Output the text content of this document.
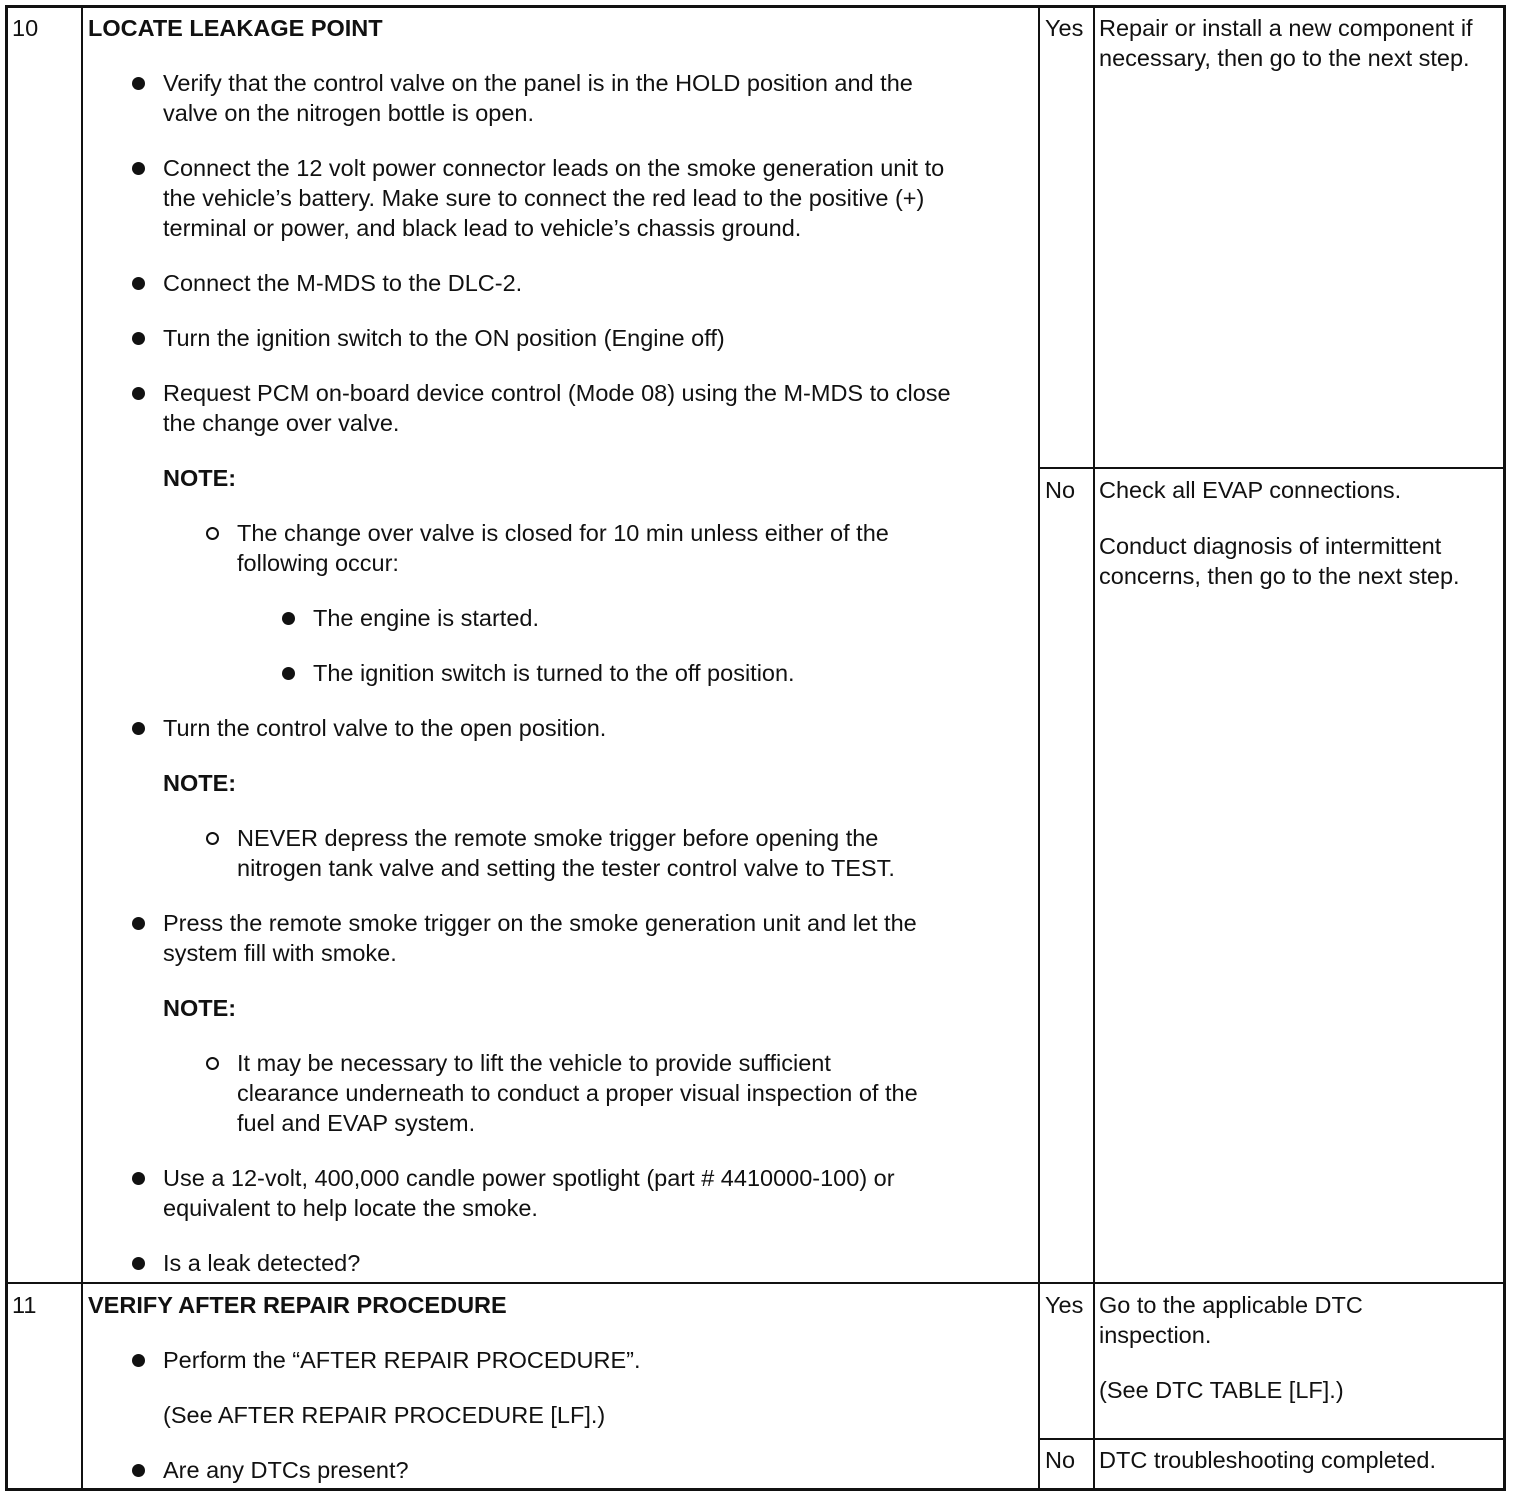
10 LOCATE LEAKAGE POINT
Verify that the control valve on the panel is in the HOLD position and the
valve on the nitrogen bottle is open.
Connect the 12 volt power connector leads on the smoke generation unit to
the vehicle’s battery. Make sure to connect the red lead to the positive (+)
terminal or power, and black lead to vehicle’s chassis ground.
Connect the M-MDS to the DLC-2.
Turn the ignition switch to the ON position (Engine off)
Request PCM on-board device control (Mode 08) using the M-MDS to close
the change over valve.
NOTE:
The change over valve is closed for 10 min unless either of the
following occur:
The engine is started.
The ignition switch is turned to the off position.
Turn the control valve to the open position.
NOTE:
NEVER depress the remote smoke trigger before opening the
nitrogen tank valve and setting the tester control valve to TEST.
Press the remote smoke trigger on the smoke generation unit and let the
system fill with smoke.
NOTE:
It may be necessary to lift the vehicle to provide sufficient
clearance underneath to conduct a proper visual inspection of the
fuel and EVAP system.
Use a 12-volt, 400,000 candle power spotlight (part # 4410000-100) or
equivalent to help locate the smoke.
Is a leak detected?
Yes Repair or install a new component if
necessary, then go to the next step.
No Check all EVAP connections.
Conduct diagnosis of intermittent
concerns, then go to the next step.
11 VERIFY AFTER REPAIR PROCEDURE
Perform the “AFTER REPAIR PROCEDURE”.
(See AFTER REPAIR PROCEDURE [LF].)
Are any DTCs present?
Yes Go to the applicable DTC
inspection.
(See DTC TABLE [LF].)
No DTC troubleshooting completed.
